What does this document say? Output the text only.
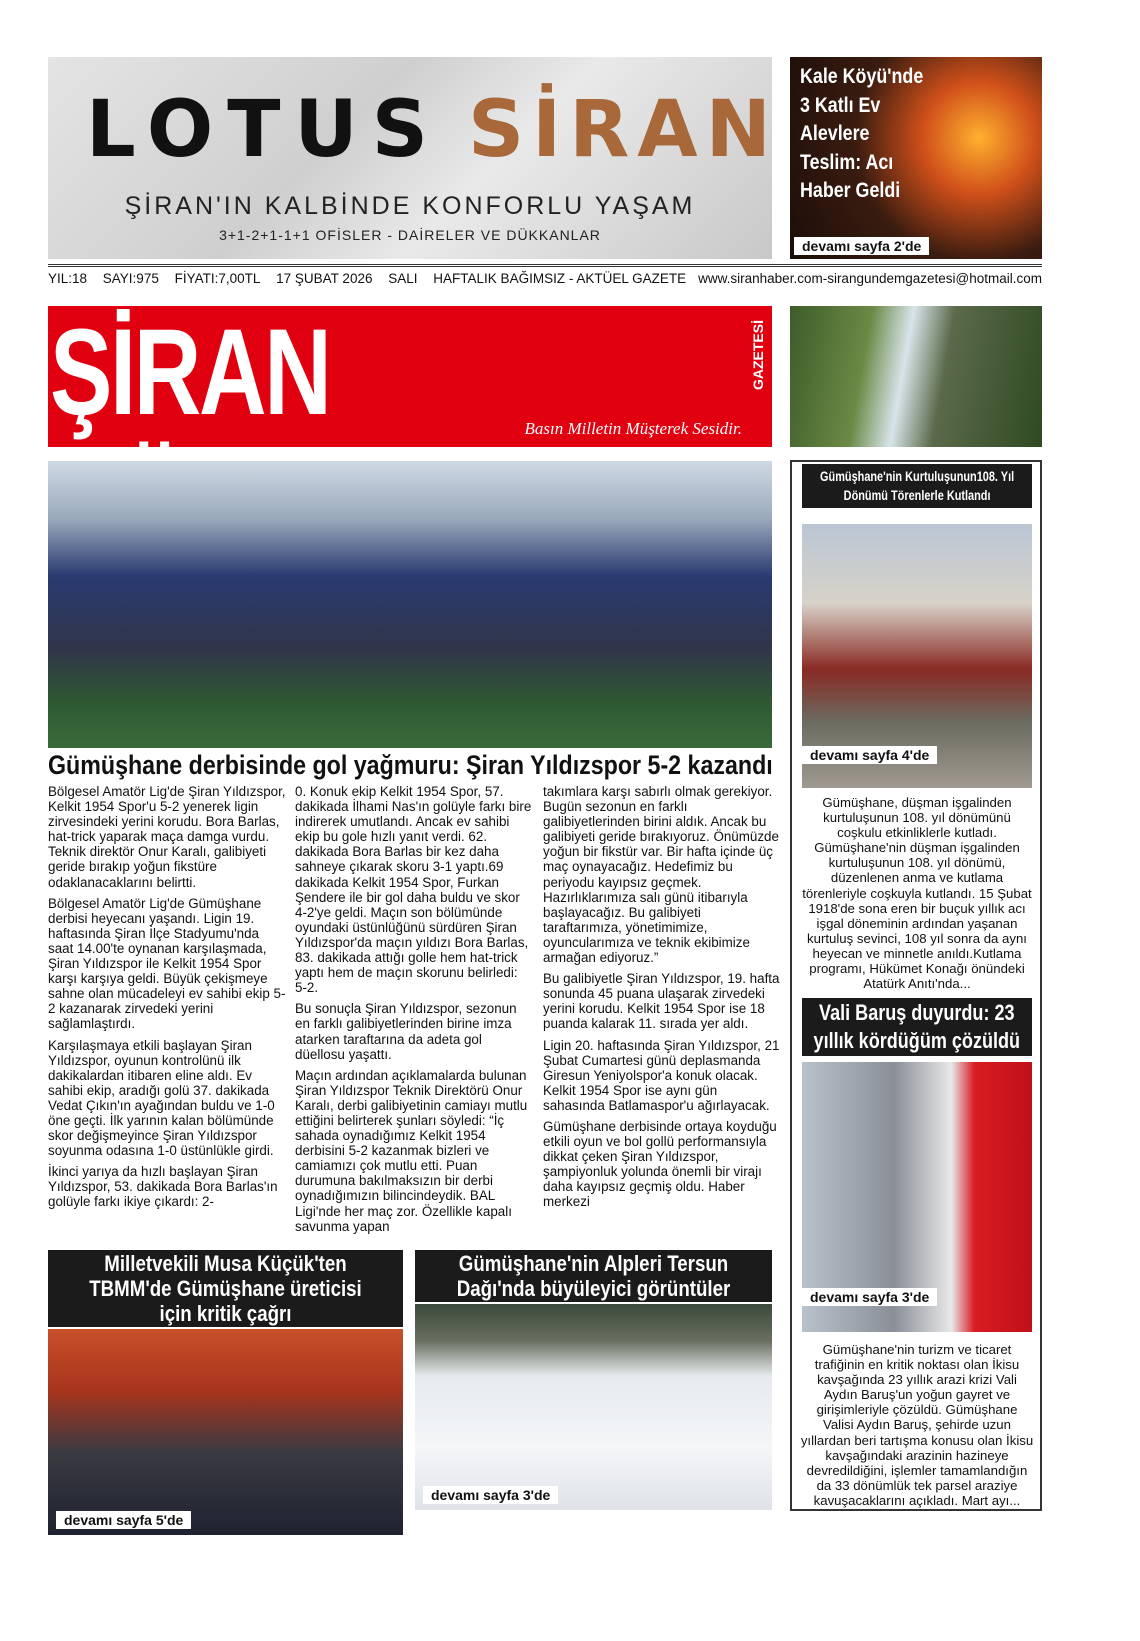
LOTUS SİRAN
ŞİRAN'IN KALBİNDE KONFORLU YAŞAM
3+1-2+1-1+1 OFİSLER - DAİRELER VE DÜKKANLAR
Kale Köyü'nde 3 Katlı Ev Alevlere Teslim: Acı Haber Geldi
devamı sayfa 2'de
YIL:18 SAYI:975 FİYATI:7,00TL 17 ŞUBAT 2026 SALI HAFTALIK BAĞIMSIZ - AKTÜEL GAZETE www.siranhaber.com-sirangundemgazetesi@hotmail.com
ŞİRAN	GAZETESİ
Basın Milletin Müşterek Sesidir.
Gümüşhane derbisinde gol yağmuru: Şiran Yıldızspor 5-2 kazandı

Bölgesel Amatör Lig'de Şiran Yıldızspor, Kelkit 1954 Spor'u 5-2 yenerek ligin zirvesindeki yerini korudu. Bora Barlas, hat-trick yaparak maça damga vurdu. Teknik direktör Onur Karalı, galibiyeti geride bırakıp yoğun fikstüre odaklanacaklarını belirtti.

Bölgesel Amatör Lig'de Gümüşhane derbisi heyecanı yaşandı. Ligin 19. haftasında Şiran İlçe Stadyumu'nda saat 14.00'te oynanan karşılaşmada, Şiran Yıldızspor ile Kelkit 1954 Spor karşı karşıya geldi. Büyük çekişmeye sahne olan mücadeleyi ev sahibi ekip 5-2 kazanarak zirvedeki yerini sağlamlaştırdı.

Karşılaşmaya etkili başlayan Şiran Yıldızspor, oyunun kontrolünü ilk dakikalardan itibaren eline aldı. Ev sahibi ekip, aradığı golü 37. dakikada Vedat Çıkın'ın ayağından buldu ve 1-0 öne geçti. İlk yarının kalan bölümünde skor değişmeyince Şiran Yıldızspor soyunma odasına 1-0 üstünlükle girdi.

İkinci yarıya da hızlı başlayan Şiran Yıldızspor, 53. dakikada Bora Barlas'ın golüyle farkı ikiye çıkardı: 2-

0. Konuk ekip Kelkit 1954 Spor, 57. dakikada İlhami Nas'ın golüyle farkı bire indirerek umutlandı. Ancak ev sahibi ekip bu gole hızlı yanıt verdi. 62. dakikada Bora Barlas bir kez daha sahneye çıkarak skoru 3-1 yaptı.69 dakikada Kelkit 1954 Spor, Furkan Şendere ile bir gol daha buldu ve skor 4-2'ye geldi. Maçın son bölümünde oyundaki üstünlüğünü sürdüren Şiran Yıldızspor'da maçın yıldızı Bora Barlas, 83. dakikada attığı golle hem hat-trick yaptı hem de maçın skorunu belirledi: 5-2.

Bu sonuçla Şiran Yıldızspor, sezonun en farklı galibiyetlerinden birine imza atarken taraftarına da adeta gol düellosu yaşattı.

Maçın ardından açıklamalarda bulunan Şiran Yıldızspor Teknik Direktörü Onur Karalı, derbi galibiyetinin camiayı mutlu ettiğini belirterek şunları söyledi: “İç sahada oynadığımız Kelkit 1954 derbisini 5-2 kazanmak bizleri ve camiamızı çok mutlu etti. Puan durumuna bakılmaksızın bir derbi oynadığımızın bilincindeydik. BAL Ligi'nde her maç zor. Özellikle kapalı savunma yapan

takımlara karşı sabırlı olmak gerekiyor. Bugün sezonun en farklı galibiyetlerinden birini aldık. Ancak bu galibiyeti geride bırakıyoruz. Önümüzde yoğun bir fikstür var. Bir hafta içinde üç maç oynayacağız. Hedefimiz bu periyodu kayıpsız geçmek. Hazırlıklarımıza salı günü itibarıyla başlayacağız. Bu galibiyeti taraftarımıza, yönetimimize, oyuncularımıza ve teknik ekibimize armağan ediyoruz.”

Bu galibiyetle Şiran Yıldızspor, 19. hafta sonunda 45 puana ulaşarak zirvedeki yerini korudu. Kelkit 1954 Spor ise 18 puanda kalarak 11. sırada yer aldı.

Ligin 20. haftasında Şiran Yıldızspor, 21 Şubat Cumartesi günü deplasmanda Giresun Yeniyolspor'a konuk olacak. Kelkit 1954 Spor ise aynı gün sahasında Batlamaspor'u ağırlayacak.

Gümüşhane derbisinde ortaya koyduğu etkili oyun ve bol gollü performansıyla dikkat çeken Şiran Yıldızspor, şampiyonluk yolunda önemli bir virajı daha kayıpsız geçmiş oldu. Haber merkezi

Gümüşhane'nin Kurtuluşunun108. Yıl Dönümü Törenlerle Kutlandı
devamı sayfa 4'de
Gümüşhane, düşman işgalinden kurtuluşunun 108. yıl dönümünü coşkulu etkinliklerle kutladı. Gümüşhane'nin düşman işgalinden kurtuluşunun 108. yıl dönümü, düzenlenen anma ve kutlama törenleriyle coşkuyla kutlandı. 15 Şubat 1918'de sona eren bir buçuk yıllık acı işgal döneminin ardından yaşanan kurtuluş sevinci, 108 yıl sonra da aynı heyecan ve minnetle anıldı.Kutlama programı, Hükümet Konağı önündeki Atatürk Anıtı'nda...
Vali Baruş duyurdu: 23 yıllık kördüğüm çözüldü
devamı sayfa 3'de
Gümüşhane'nin turizm ve ticaret trafiğinin en kritik noktası olan İkisu kavşağında 23 yıllık arazi krizi Vali Aydın Baruş'un yoğun gayret ve girişimleriyle çözüldü. Gümüşhane Valisi Aydın Baruş, şehirde uzun yıllardan beri tartışma konusu olan İkisu kavşağındaki arazinin hazineye devredildiğini, işlemler tamamlandığın da 33 dönümlük tek parsel araziye kavuşacaklarını açıkladı. Mart ayı...
Milletvekili Musa Küçük'ten TBMM'de Gümüşhane üreticisi için kritik çağrı
devamı sayfa 5'de
Gümüşhane'nin Alpleri Tersun Dağı'nda büyüleyici görüntüler
devamı sayfa 3'de
